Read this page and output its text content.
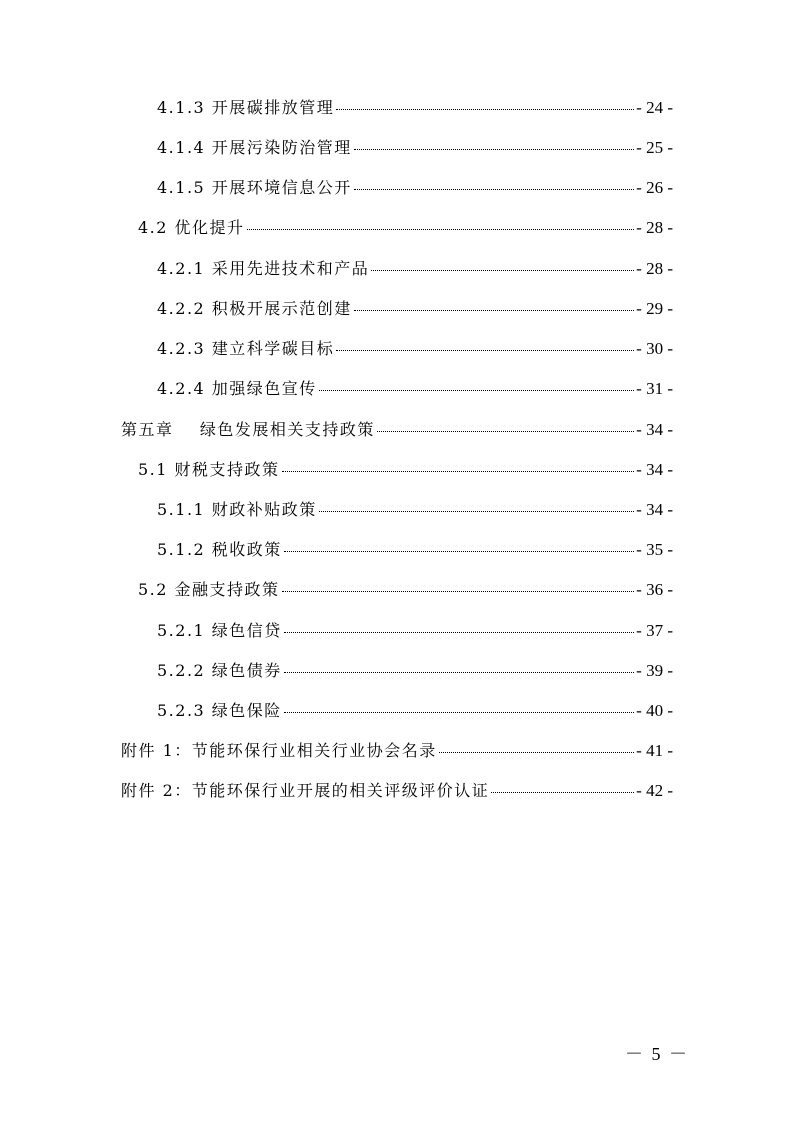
4.1.3 开展碳排放管理	- 24 -
4.1.4 开展污染防治管理	- 25 -
4.1.5 开展环境信息公开	- 26 -
4.2 优化提升	- 28 -
4.2.1 采用先进技术和产品	- 28 -
4.2.2 积极开展示范创建	- 29 -
4.2.3 建立科学碳目标	- 30 -
4.2.4 加强绿色宣传	- 31 -
第五章    绿色发展相关支持政策	- 34 -
5.1 财税支持政策	- 34 -
5.1.1 财政补贴政策	- 34 -
5.1.2 税收政策	- 35 -
5.2 金融支持政策	- 36 -
5.2.1 绿色信贷	- 37 -
5.2.2 绿色债券	- 39 -
5.2.3 绿色保险	- 40 -
附件 1：节能环保行业相关行业协会名录	- 41 -
附件 2：节能环保行业开展的相关评级评价认证	- 42 -
－ 5 －
